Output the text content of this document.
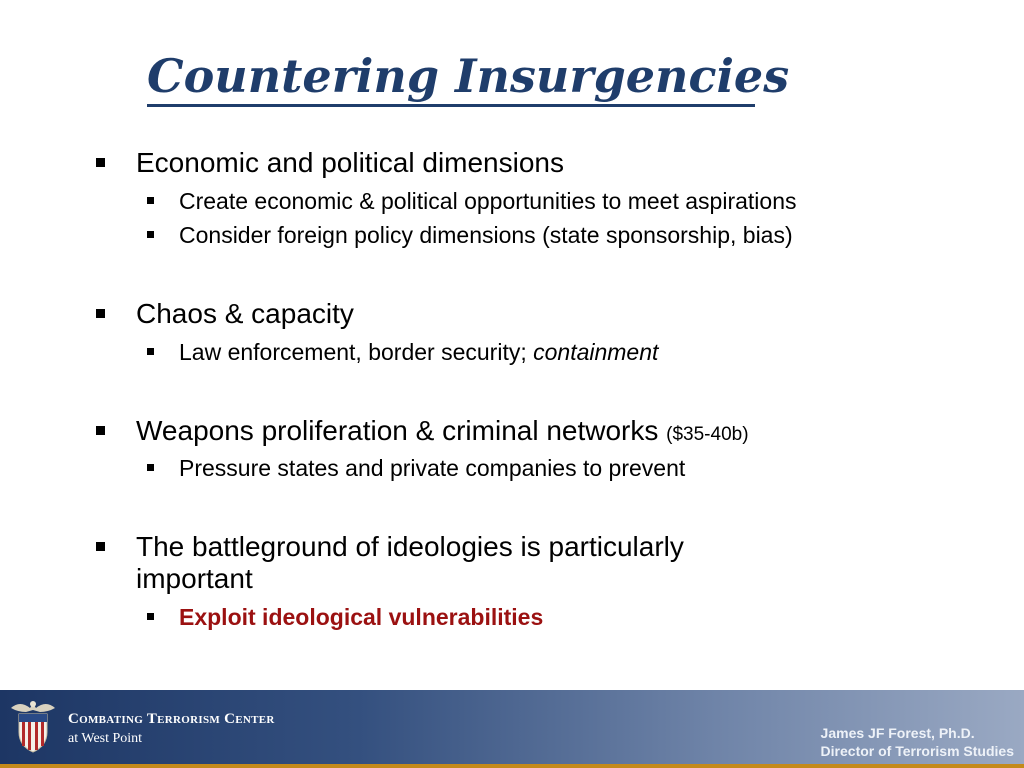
Countering Insurgencies
Economic and political dimensions
Create economic & political opportunities to meet aspirations
Consider foreign policy dimensions (state sponsorship, bias)
Chaos & capacity
Law enforcement, border security; containment
Weapons proliferation & criminal networks ($35-40b)
Pressure states and private companies to prevent
The battleground of ideologies is particularly
important
Exploit ideological vulnerabilities
Combating Terrorism Center
at West Point	James JF Forest, Ph.D.
Director of Terrorism Studies
